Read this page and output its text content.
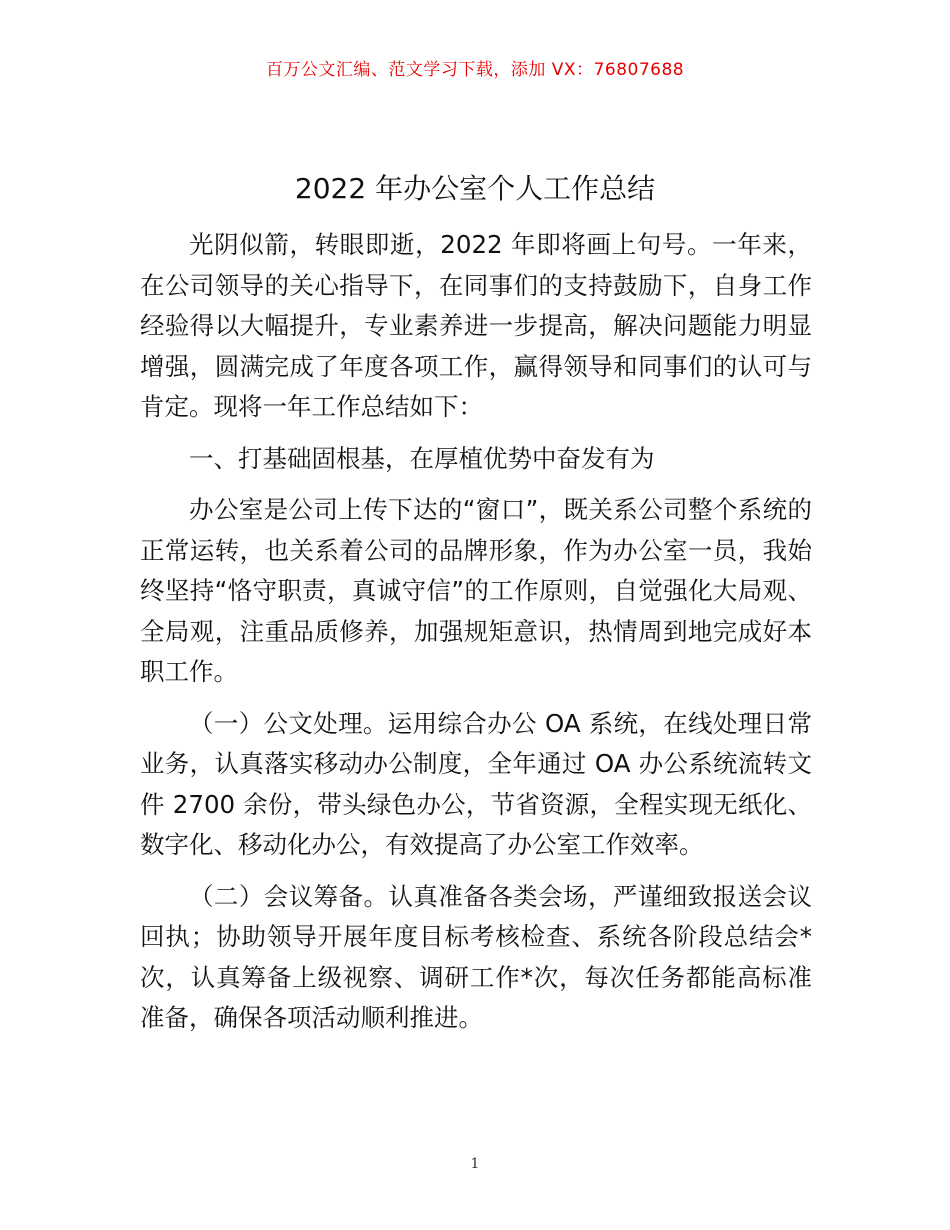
百万公文汇编、范文学习下载，添加 VX：76807688
2022 年办公室个人工作总结

光阴似箭，转眼即逝，2022 年即将画上句号。一年来，在公司领导的关心指导下，在同事们的支持鼓励下，自身工作经验得以大幅提升，专业素养进一步提高，解决问题能力明显增强，圆满完成了年度各项工作，赢得领导和同事们的认可与肯定。现将一年工作总结如下：

一、打基础固根基，在厚植优势中奋发有为

办公室是公司上传下达的“窗口”，既关系公司整个系统的正常运转，也关系着公司的品牌形象，作为办公室一员，我始终坚持“恪守职责，真诚守信”的工作原则，自觉强化大局观、全局观，注重品质修养，加强规矩意识，热情周到地完成好本职工作。

（一）公文处理。运用综合办公 OA 系统，在线处理日常业务，认真落实移动办公制度，全年通过 OA 办公系统流转文件 2700 余份，带头绿色办公，节省资源，全程实现无纸化、数字化、移动化办公，有效提高了办公室工作效率。

（二）会议筹备。认真准备各类会场，严谨细致报送会议回执；协助领导开展年度目标考核检查、系统各阶段总结会*次，认真筹备上级视察、调研工作*次，每次任务都能高标准准备，确保各项活动顺利推进。

1
